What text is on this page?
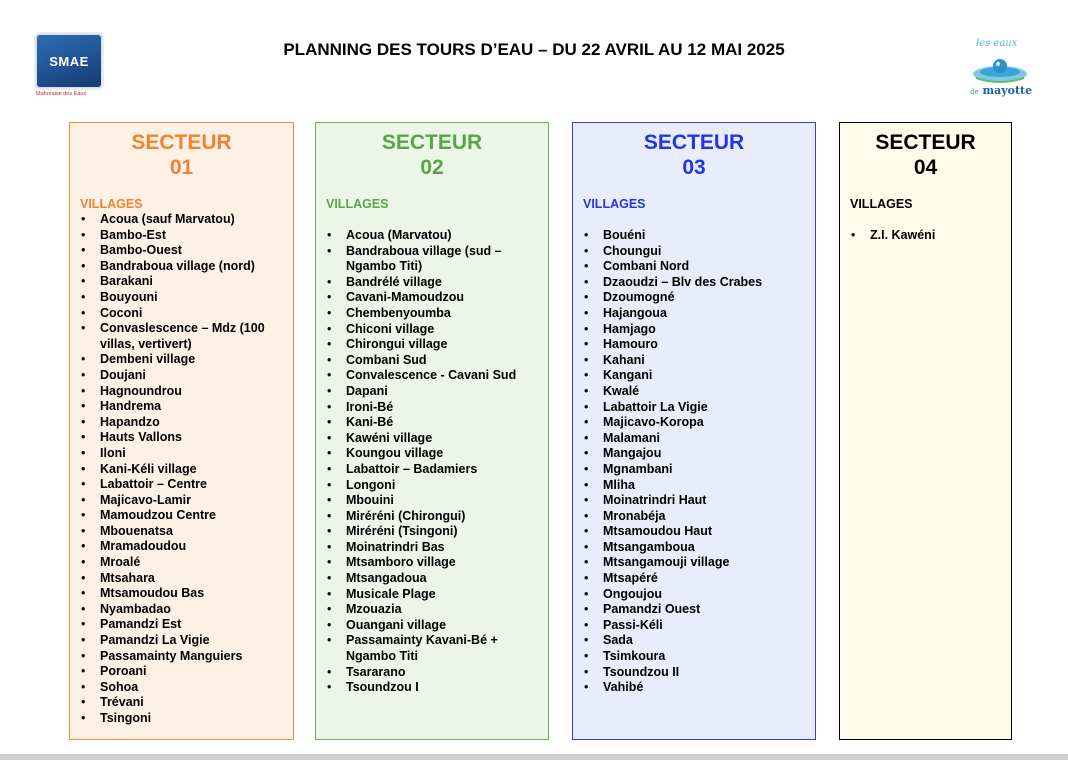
SMAE
Mahoraise des Eaux
PLANNING DES TOURS D’EAU – DU 22 AVRIL AU 12 MAI 2025	les eaux
de mayotte
SECTEUR
01
VILLAGES
• Acoua (sauf Marvatou)
• Bambo-Est
• Bambo-Ouest
• Bandraboua village (nord)
• Barakani
• Bouyouni
• Coconi
• Convaslescence – Mdz (100 villas, vertivert)
• Dembeni village
• Doujani
• Hagnoundrou
• Handrema
• Hapandzo
• Hauts Vallons
• Iloni
• Kani-Kéli village
• Labattoir – Centre
• Majicavo-Lamir
• Mamoudzou Centre
• Mbouenatsa
• Mramadoudou
• Mroalé
• Mtsahara
• Mtsamoudou Bas
• Nyambadao
• Pamandzi Est
• Pamandzi La Vigie
• Passamainty Manguiers
• Poroani
• Sohoa
• Trévani
• Tsingoni
SECTEUR
02
VILLAGES
• Acoua (Marvatou)
• Bandraboua village (sud – Ngambo Titi)
• Bandrélé village
• Cavani-Mamoudzou
• Chembenyoumba
• Chiconi village
• Chirongui village
• Combani Sud
• Convalescence - Cavani Sud
• Dapani
• Ironi-Bé
• Kani-Bé
• Kawéni village
• Koungou village
• Labattoir – Badamiers
• Longoni
• Mbouini
• Miréréni (Chirongui)
• Miréréni (Tsingoni)
• Moinatrindri Bas
• Mtsamboro village
• Mtsangadoua
• Musicale Plage
• Mzouazia
• Ouangani village
• Passamainty Kavani-Bé + Ngambo Titi
• Tsararano
• Tsoundzou I
SECTEUR
03
VILLAGES
• Bouéni
• Choungui
• Combani Nord
• Dzaoudzi – Blv des Crabes
• Dzoumogné
• Hajangoua
• Hamjago
• Hamouro
• Kahani
• Kangani
• Kwalé
• Labattoir La Vigie
• Majicavo-Koropa
• Malamani
• Mangajou
• Mgnambani
• Mliha
• Moinatrindri Haut
• Mronabéja
• Mtsamoudou Haut
• Mtsangamboua
• Mtsangamouji village
• Mtsapéré
• Ongoujou
• Pamandzi Ouest
• Passi-Kéli
• Sada
• Tsimkoura
• Tsoundzou II
• Vahibé
SECTEUR
04
VILLAGES
• Z.I. Kawéni
